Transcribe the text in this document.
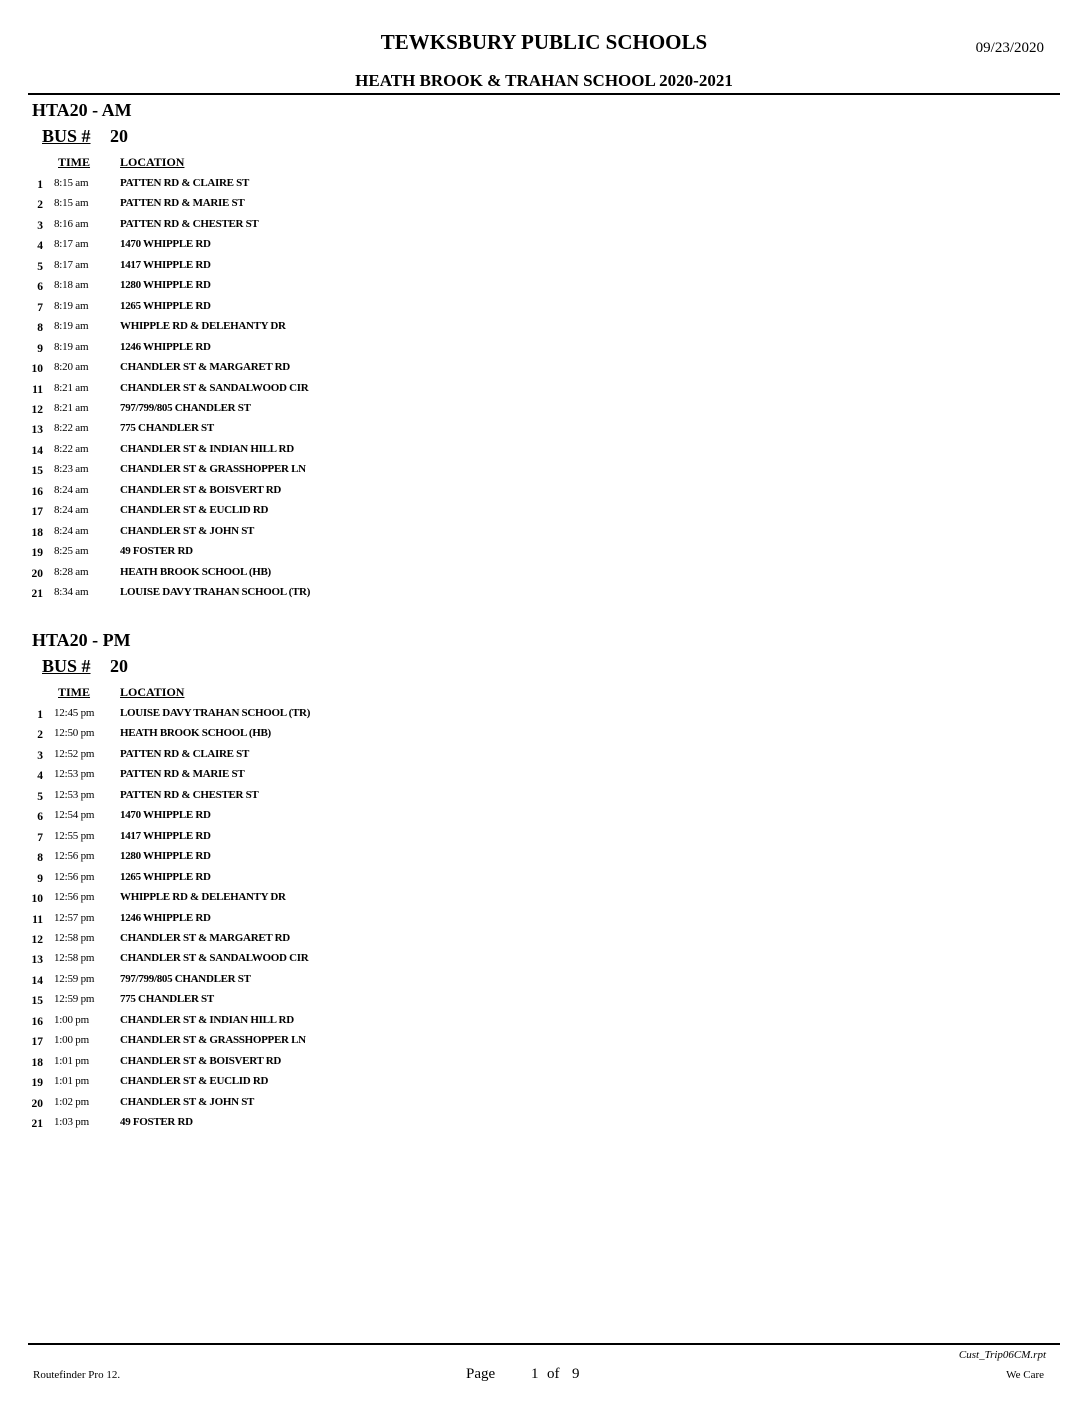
TEWKSBURY PUBLIC SCHOOLS	09/23/2020
HEATH BROOK & TRAHAN SCHOOL 2020-2021
HTA20 - AM
BUS # 20
TIME LOCATION
1 8:15 am	PATTEN RD & CLAIRE ST
2 8:15 am	PATTEN RD & MARIE ST
3 8:16 am	PATTEN RD & CHESTER ST
4 8:17 am	1470 WHIPPLE RD
5 8:17 am	1417 WHIPPLE RD
6 8:18 am	1280 WHIPPLE RD
7 8:19 am	1265 WHIPPLE RD
8 8:19 am	WHIPPLE RD & DELEHANTY DR
9 8:19 am	1246 WHIPPLE RD
10 8:20 am	CHANDLER ST & MARGARET RD
11 8:21 am	CHANDLER ST & SANDALWOOD CIR
12 8:21 am	797/799/805 CHANDLER ST
13 8:22 am	775 CHANDLER ST
14 8:22 am	CHANDLER ST & INDIAN HILL RD
15 8:23 am	CHANDLER ST & GRASSHOPPER LN
16 8:24 am	CHANDLER ST & BOISVERT RD
17 8:24 am	CHANDLER ST & EUCLID RD
18 8:24 am	CHANDLER ST & JOHN ST
19 8:25 am	49 FOSTER RD
20 8:28 am	HEATH BROOK SCHOOL (HB)
21 8:34 am	LOUISE DAVY TRAHAN SCHOOL (TR)
HTA20 - PM
BUS # 20
TIME LOCATION
1 12:45 pm LOUISE DAVY TRAHAN SCHOOL (TR)
2 12:50 pm HEATH BROOK SCHOOL (HB)
3 12:52 pm PATTEN RD & CLAIRE ST
4 12:53 pm PATTEN RD & MARIE ST
5 12:53 pm PATTEN RD & CHESTER ST
6 12:54 pm 1470 WHIPPLE RD
7 12:55 pm 1417 WHIPPLE RD
8 12:56 pm 1280 WHIPPLE RD
9 12:56 pm 1265 WHIPPLE RD
10 12:56 pm WHIPPLE RD & DELEHANTY DR
11 12:57 pm 1246 WHIPPLE RD
12 12:58 pm CHANDLER ST & MARGARET RD
13 12:58 pm CHANDLER ST & SANDALWOOD CIR
14 12:59 pm 797/799/805 CHANDLER ST
15 12:59 pm 775 CHANDLER ST
16 1:00 pm	CHANDLER ST & INDIAN HILL RD
17 1:00 pm	CHANDLER ST & GRASSHOPPER LN
18 1:01 pm	CHANDLER ST & BOISVERT RD
19 1:01 pm	CHANDLER ST & EUCLID RD
20 1:02 pm	CHANDLER ST & JOHN ST
21 1:03 pm	49 FOSTER RD
Routefinder Pro 12.	Page 1 of 9
Cust_Trip06CM.rpt
We Care
